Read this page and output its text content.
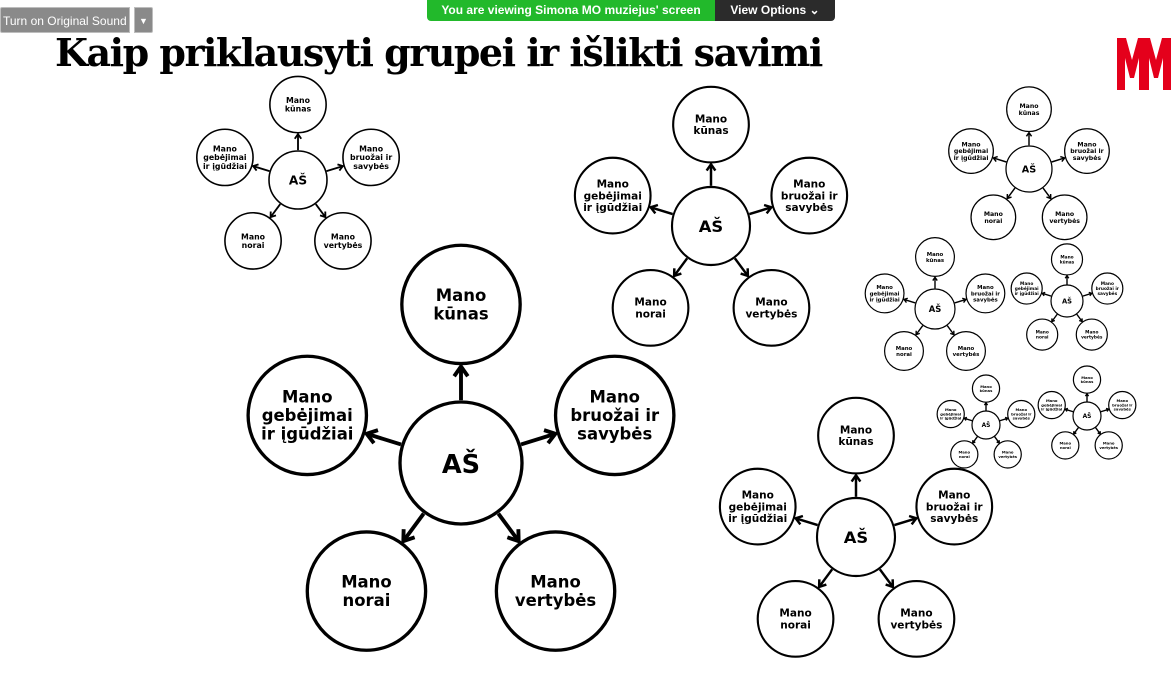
AŠ
Mano
kūnas
Mano
gebėjimai
ir įgūdžiai
Mano
bruožai ir
savybės
Mano
norai
Mano
vertybės
AŠ
Mano
kūnas
Mano
gebėjimai
ir įgūdžiai
Mano
bruožai ir
savybės
Mano
norai
Mano
vertybės
AŠ
Mano
kūnas
Mano
gebėjimai
ir įgūdžiai
Mano
bruožai ir
savybės
Mano
norai
Mano
vertybės
AŠ
Mano
kūnas
Mano
gebėjimai
ir įgūdžiai
Mano
bruožai ir
savybės
Mano
norai
Mano
vertybės
AŠ
Mano
kūnas
Mano
gebėjimai
ir įgūdžiai
Mano
bruožai ir
savybės
Mano
norai
Mano
vertybės
AŠ
Mano
kūnas
Mano
gebėjimai
ir įgūdžiai
Mano
bruožai ir
savybės
Mano
norai
Mano
vertybės
AŠ
Mano
kūnas
Mano
gebėjimai
ir įgūdžiai
Mano
bruožai ir
savybės
Mano
norai
Mano
vertybės
AŠ
Mano
kūnas
Mano
gebėjimai
ir įgūdžiai
Mano
bruožai ir
savybės
Mano
norai
Mano
vertybės
AŠ
Mano
kūnas
Mano
gebėjimai
ir įgūdžiai
Mano
bruožai ir
savybės
Mano
norai
Mano
vertybės
Turn on Original Sound	▼
You are viewing Simona MO muziejus' screen	View Options ⌄
Kaip priklausyti grupei ir išlikti savimi
